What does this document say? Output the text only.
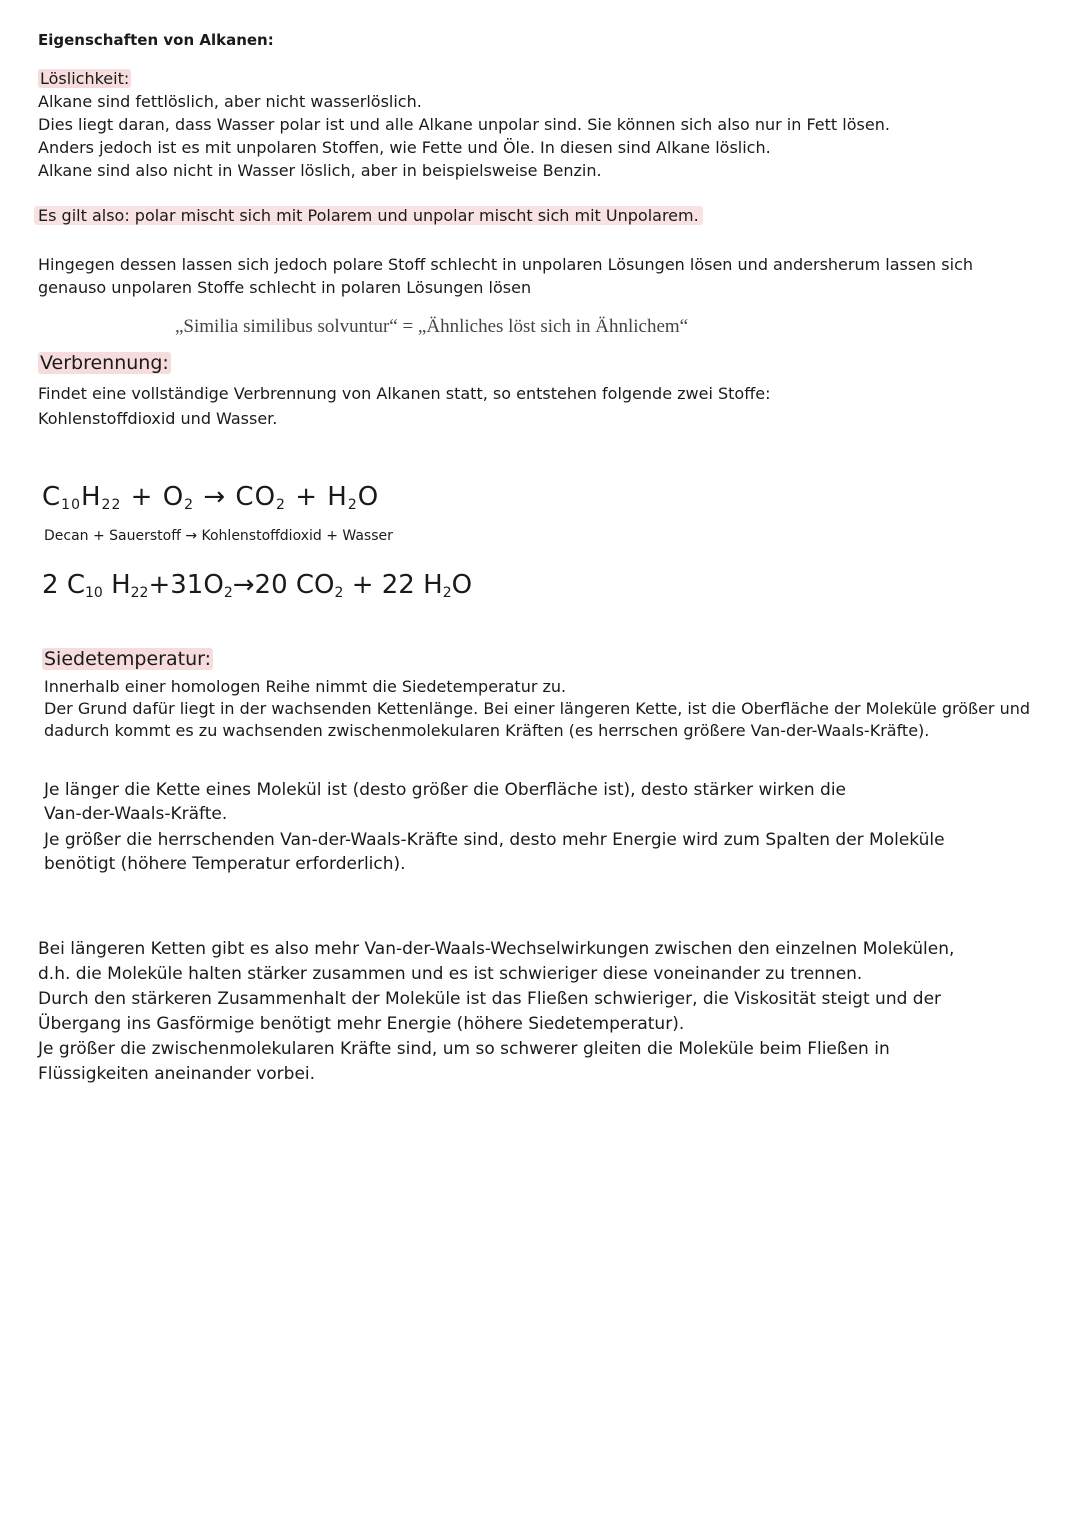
Eigenschaften von Alkanen:
Löslichkeit:
Alkane sind fettlöslich, aber nicht wasserlöslich.
Dies liegt daran, dass Wasser polar ist und alle Alkane unpolar sind. Sie können sich also nur in Fett lösen.
Anders jedoch ist es mit unpolaren Stoffen, wie Fette und Öle. In diesen sind Alkane löslich.
Alkane sind also nicht in Wasser löslich, aber in beispielsweise Benzin.
Es gilt also: polar mischt sich mit Polarem und unpolar mischt sich mit Unpolarem.
Hingegen dessen lassen sich jedoch polare Stoff schlecht in unpolaren Lösungen lösen und andersherum lassen sich
genauso unpolaren Stoffe schlecht in polaren Lösungen lösen
„Similia similibus solvuntur“ = „Ähnliches löst sich in Ähnlichem“
Verbrennung:
Findet eine vollständige Verbrennung von Alkanen statt, so entstehen folgende zwei Stoffe:
Kohlenstoffdioxid und Wasser.
$C_{10}H_{22} + O_2 \to CO_2 + H_2O$
Decan + Sauerstoff → Kohlenstoffdioxid + Wasser
2 $C_{10}$ $H_{22}+31O_2\to 20$ $CO_2 + 22$ $H_2O$
Siedetemperatur:
Innerhalb einer homologen Reihe nimmt die Siedetemperatur zu.
Der Grund dafür liegt in der wachsenden Kettenlänge. Bei einer längeren Kette, ist die Oberfläche der Moleküle größer und
dadurch kommt es zu wachsenden zwischenmolekularen Kräften (es herrschen größere Van-der-Waals-Kräfte).
Je länger die Kette eines Molekül ist (desto größer die Oberfläche ist), desto stärker wirken die
Van-der-Waals-Kräfte.
Je größer die herrschenden Van-der-Waals-Kräfte sind, desto mehr Energie wird zum Spalten der Moleküle
benötigt (höhere Temperatur erforderlich).
Bei längeren Ketten gibt es also mehr Van-der-Waals-Wechselwirkungen zwischen den einzelnen Molekülen,
d.h. die Moleküle halten stärker zusammen und es ist schwieriger diese voneinander zu trennen.
Durch den stärkeren Zusammenhalt der Moleküle ist das Fließen schwieriger, die Viskosität steigt und der
Übergang ins Gasförmige benötigt mehr Energie (höhere Siedetemperatur).
Je größer die zwischenmolekularen Kräfte sind, um so schwerer gleiten die Moleküle beim Fließen in
Flüssigkeiten aneinander vorbei.
